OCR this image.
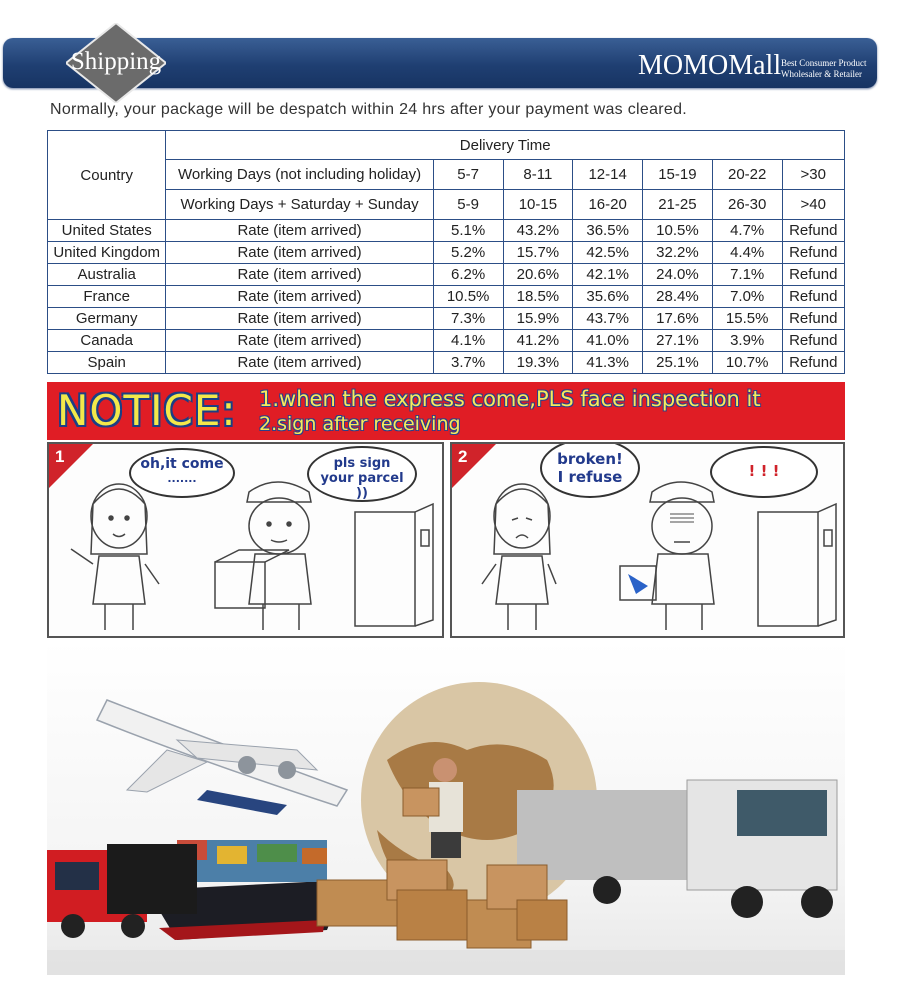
Shipping	MOMOMall Best Consumer Product
Wholesaler & Retailer
Normally, your package will be despatch within 24 hrs after your payment was cleared.
Country	Delivery Time						
	Working Days (not including holiday)	5-7	8-11	12-14	15-19	20-22	>30
	Working Days + Saturday + Sunday	5-9	10-15	16-20	21-25	26-30	>40
United States	Rate (item arrived)	5.1%	43.2%	36.5%	10.5%	4.7%	Refund
United Kingdom	Rate (item arrived)	5.2%	15.7%	42.5%	32.2%	4.4%	Refund
Australia	Rate (item arrived)	6.2%	20.6%	42.1%	24.0%	7.1%	Refund
France	Rate (item arrived)	10.5%	18.5%	35.6%	28.4%	7.0%	Refund
Germany	Rate (item arrived)	7.3%	15.9%	43.7%	17.6%	15.5%	Refund
Canada	Rate (item arrived)	4.1%	41.2%	41.0%	27.1%	3.9%	Refund
Spain	Rate (item arrived)	3.7%	19.3%	41.3%	25.1%	10.7%	Refund
NOTICE: 1.when the express come,PLS face inspection it
2.sign after receiving
1	oh,it come
.......
pls sign your parcel ))
2	broken! I refuse	! ! !
